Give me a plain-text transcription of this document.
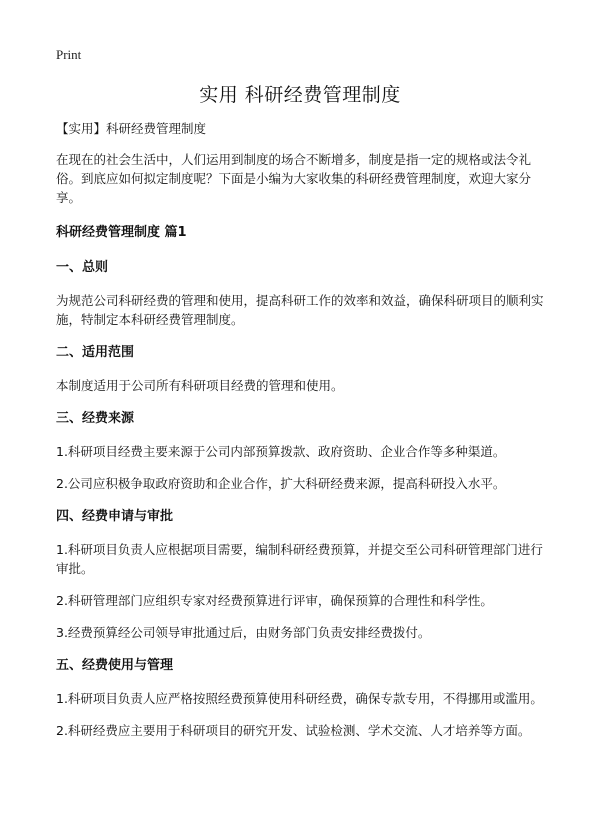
Print
实用 科研经费管理制度

【实用】科研经费管理制度

在现在的社会生活中，人们运用到制度的场合不断增多，制度是指一定的规格或法令礼俗。到底应如何拟定制度呢？下面是小编为大家收集的科研经费管理制度，欢迎大家分享。

科研经费管理制度 篇1

一、总则

为规范公司科研经费的管理和使用，提高科研工作的效率和效益，确保科研项目的顺利实施，特制定本科研经费管理制度。

二、适用范围

本制度适用于公司所有科研项目经费的管理和使用。

三、经费来源

1.科研项目经费主要来源于公司内部预算拨款、政府资助、企业合作等多种渠道。

2.公司应积极争取政府资助和企业合作，扩大科研经费来源，提高科研投入水平。

四、经费申请与审批

1.科研项目负责人应根据项目需要，编制科研经费预算，并提交至公司科研管理部门进行审批。

2.科研管理部门应组织专家对经费预算进行评审，确保预算的合理性和科学性。

3.经费预算经公司领导审批通过后，由财务部门负责安排经费拨付。

五、经费使用与管理

1.科研项目负责人应严格按照经费预算使用科研经费，确保专款专用，不得挪用或滥用。

2.科研经费应主要用于科研项目的研究开发、试验检测、学术交流、人才培养等方面。
